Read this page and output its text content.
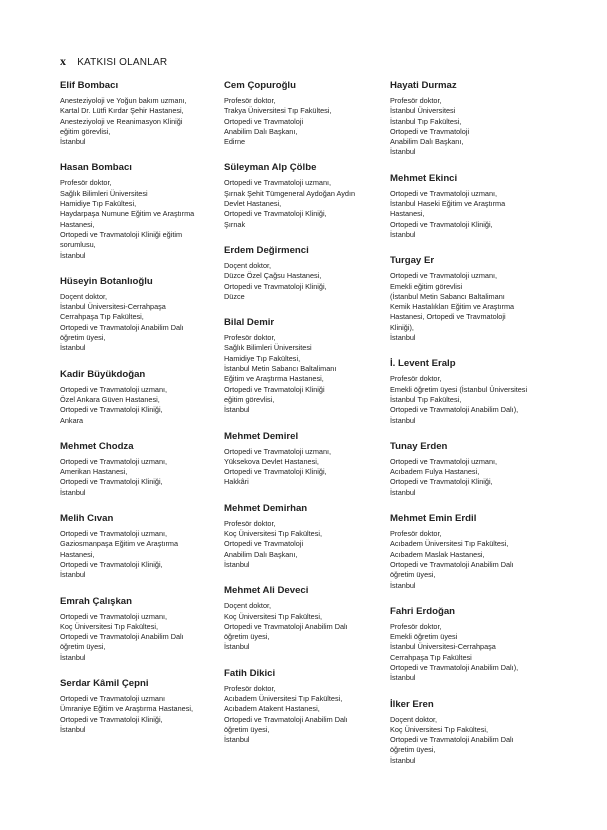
x KATKISI OLANLAR
Elif Bombacı
Anesteziyoloji ve Yoğun bakım uzmanı,
Kartal Dr. Lütfi Kırdar Şehir Hastanesi,
Anesteziyoloji ve Reanimasyon Kliniği
eğitim görevlisi,
İstanbul
Hasan Bombacı
Profesör doktor,
Sağlık Bilimleri Üniversitesi
Hamidiye Tıp Fakültesi,
Haydarpaşa Numune Eğitim ve Araştırma
Hastanesi,
Ortopedi ve Travmatoloji Kliniği eğitim
sorumlusu,
İstanbul
Hüseyin Botanlıoğlu
Doçent doktor,
İstanbul Üniversitesi-Cerrahpaşa
Cerrahpaşa Tıp Fakültesi,
Ortopedi ve Travmatoloji Anabilim Dalı
öğretim üyesi,
İstanbul
Kadir Büyükdoğan
Ortopedi ve Travmatoloji uzmanı,
Özel Ankara Güven Hastanesi,
Ortopedi ve Travmatoloji Kliniği,
Ankara
Mehmet Chodza
Ortopedi ve Travmatoloji uzmanı,
Amerikan Hastanesi,
Ortopedi ve Travmatoloji Kliniği,
İstanbul
Melih Cıvan
Ortopedi ve Travmatoloji uzmanı,
Gaziosmanpaşa Eğitim ve Araştırma
Hastanesi,
Ortopedi ve Travmatoloji Kliniği,
İstanbul
Emrah Çalışkan
Ortopedi ve Travmatoloji uzmanı,
Koç Üniversitesi Tıp Fakültesi,
Ortopedi ve Travmatoloji Anabilim Dalı
öğretim üyesi,
İstanbul
Serdar Kâmil Çepni
Ortopedi ve Travmatoloji uzmanı
Ümraniye Eğitim ve Araştırma Hastanesi,
Ortopedi ve Travmatoloji Kliniği,
İstanbul
Cem Çopuroğlu
Profesör doktor,
Trakya Üniversitesi Tıp Fakültesi,
Ortopedi ve Travmatoloji
Anabilim Dalı Başkanı,
Edirne
Süleyman Alp Çölbe
Ortopedi ve Travmatoloji uzmanı,
Şırnak Şehit Tümgeneral Aydoğan Aydın
Devlet Hastanesi,
Ortopedi ve Travmatoloji Kliniği,
Şırnak
Erdem Değirmenci
Doçent doktor,
Düzce Özel Çağsu Hastanesi,
Ortopedi ve Travmatoloji Kliniği,
Düzce
Bilal Demir
Profesör doktor,
Sağlık Bilimleri Üniversitesi
Hamidiye Tıp Fakültesi,
İstanbul Metin Sabancı Baltalimanı
Eğitim ve Araştırma Hastanesi,
Ortopedi ve Travmatoloji Kliniği
eğitim görevlisi,
İstanbul
Mehmet Demirel
Ortopedi ve Travmatoloji uzmanı,
Yüksekova Devlet Hastanesi,
Ortopedi ve Travmatoloji Kliniği,
Hakkâri
Mehmet Demirhan
Profesör doktor,
Koç Üniversitesi Tıp Fakültesi,
Ortopedi ve Travmatoloji
Anabilim Dalı Başkanı,
İstanbul
Mehmet Ali Deveci
Doçent doktor,
Koç Üniversitesi Tıp Fakültesi,
Ortopedi ve Travmatoloji Anabilim Dalı
öğretim üyesi,
İstanbul
Fatih Dikici
Profesör doktor,
Acıbadem Üniversitesi Tıp Fakültesi,
Acıbadem Atakent Hastanesi,
Ortopedi ve Travmatoloji Anabilim Dalı
öğretim üyesi,
İstanbul
Hayati Durmaz
Profesör doktor,
İstanbul Üniversitesi
İstanbul Tıp Fakültesi,
Ortopedi ve Travmatoloji
Anabilim Dalı Başkanı,
İstanbul
Mehmet Ekinci
Ortopedi ve Travmatoloji uzmanı,
İstanbul Haseki Eğitim ve Araştırma
Hastanesi,
Ortopedi ve Travmatoloji Kliniği,
İstanbul
Turgay Er
Ortopedi ve Travmatoloji uzmanı,
Emekli eğitim görevlisi
(İstanbul Metin Sabancı Baltalimanı
Kemik Hastalıkları Eğitim ve Araştırma
Hastanesi, Ortopedi ve Travmatoloji
Kliniği),
İstanbul
İ. Levent Eralp
Profesör doktor,
Emekli öğretim üyesi (İstanbul Üniversitesi
İstanbul Tıp Fakültesi,
Ortopedi ve Travmatoloji Anabilim Dalı),
İstanbul
Tunay Erden
Ortopedi ve Travmatoloji uzmanı,
Acıbadem Fulya Hastanesi,
Ortopedi ve Travmatoloji Kliniği,
İstanbul
Mehmet Emin Erdil
Profesör doktor,
Acıbadem Üniversitesi Tıp Fakültesi,
Acıbadem Maslak Hastanesi,
Ortopedi ve Travmatoloji Anabilim Dalı
öğretim üyesi,
İstanbul
Fahri Erdoğan
Profesör doktor,
Emekli öğretim üyesi
İstanbul Üniversitesi-Cerrahpaşa
Cerrahpaşa Tıp Fakültesi
Ortopedi ve Travmatoloji Anabilim Dalı),
İstanbul
İlker Eren
Doçent doktor,
Koç Üniversitesi Tıp Fakültesi,
Ortopedi ve Travmatoloji Anabilim Dalı
öğretim üyesi,
İstanbul
